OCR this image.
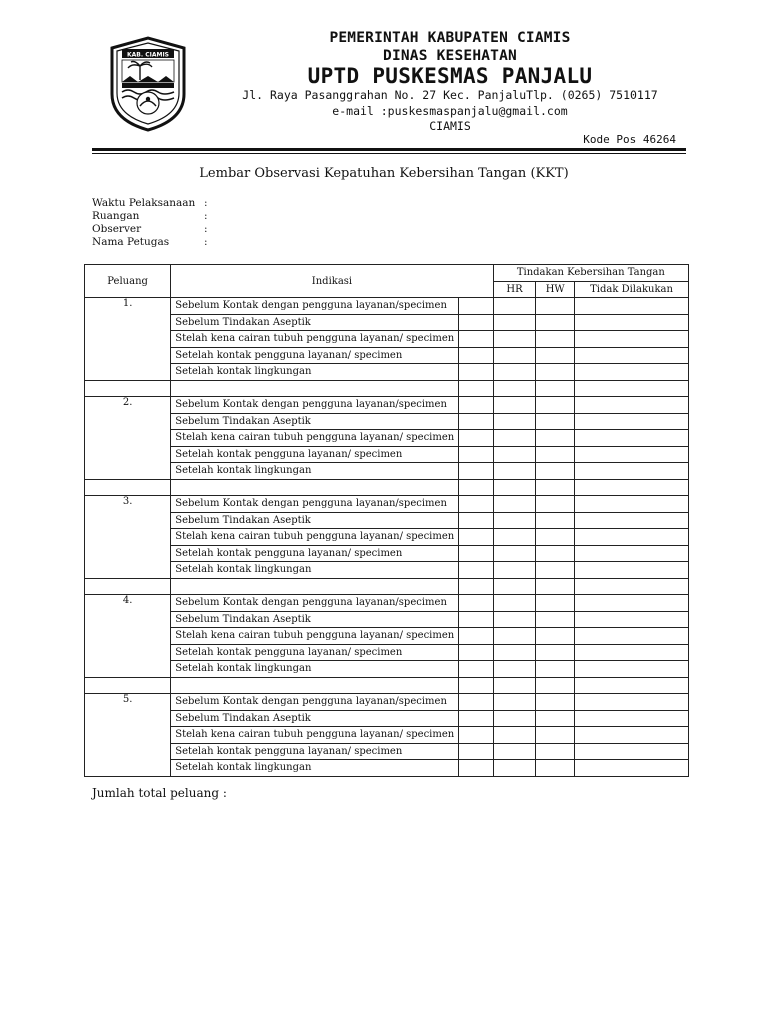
KAB. CIAMIS
PEMERINTAH KABUPATEN CIAMIS
DINAS KESEHATAN
UPTD PUSKESMAS PANJALU
Jl. Raya Pasanggrahan No. 27 Kec. PanjaluTlp. (0265) 7510117
e-mail :puskesmaspanjalu@gmail.com
CIAMIS
Kode Pos 46264
Lembar Observasi Kepatuhan Kebersihan Tangan (KKT)
Waktu Pelaksanaan :
Ruangan	:
Observer	:
Nama Petugas	:
Peluang	Indikasi		Tindakan Kebersihan Tangan		
			HR	HW	Tidak Dilakukan
1.	Sebelum Kontak dengan pengguna layanan/specimen				
	Sebelum Tindakan Aseptik				
	Stelah kena cairan tubuh pengguna layanan/ specimen				
	Setelah kontak pengguna layanan/ specimen				
	Setelah kontak lingkungan				

2.	Sebelum Kontak dengan pengguna layanan/specimen				
	Sebelum Tindakan Aseptik				
	Stelah kena cairan tubuh pengguna layanan/ specimen				
	Setelah kontak pengguna layanan/ specimen				
	Setelah kontak lingkungan				

3.	Sebelum Kontak dengan pengguna layanan/specimen				
	Sebelum Tindakan Aseptik				
	Stelah kena cairan tubuh pengguna layanan/ specimen				
	Setelah kontak pengguna layanan/ specimen				
	Setelah kontak lingkungan				

4.	Sebelum Kontak dengan pengguna layanan/specimen				
	Sebelum Tindakan Aseptik				
	Stelah kena cairan tubuh pengguna layanan/ specimen				
	Setelah kontak pengguna layanan/ specimen				
	Setelah kontak lingkungan				

5.	Sebelum Kontak dengan pengguna layanan/specimen				
	Sebelum Tindakan Aseptik				
	Stelah kena cairan tubuh pengguna layanan/ specimen				
	Setelah kontak pengguna layanan/ specimen				
	Setelah kontak lingkungan				
Jumlah total peluang :
